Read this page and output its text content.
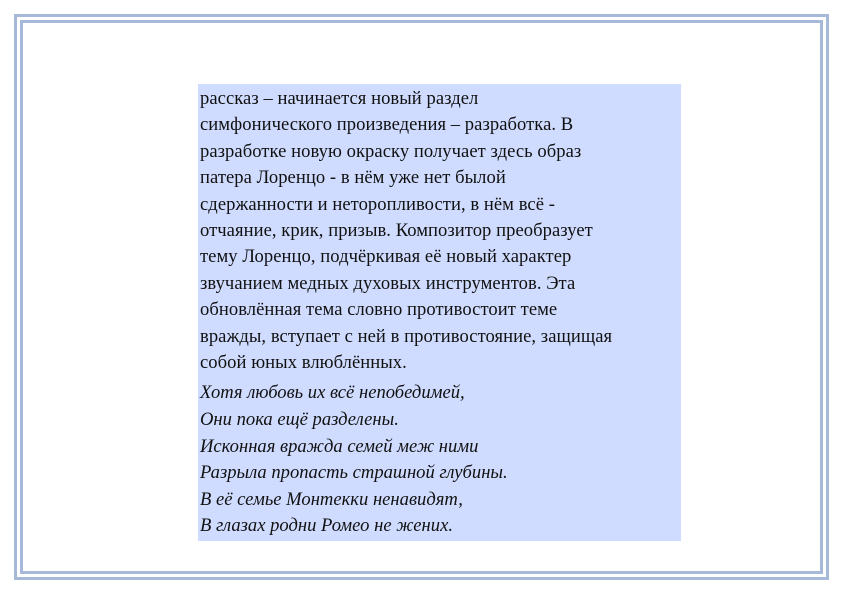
рассказ – начинается новый раздел
симфонического произведения – разработка. В
разработке новую окраску получает здесь образ
патера Лоренцо - в нём уже нет былой
сдержанности и неторопливости, в нём всё -
отчаяние, крик, призыв. Композитор преобразует
тему Лоренцо, подчёркивая её новый характер
звучанием медных духовых инструментов. Эта
обновлённая тема словно противостоит теме
вражды, вступает с ней в противостояние, защищая
собой юных влюблённых.

Хотя любовь их всё непобедимей,
Они пока ещё разделены.
Исконная вражда семей меж ними
Разрыла пропасть страшной глубины.
В её семье Монтекки ненавидят,
В глазах родни Ромео не жених.
